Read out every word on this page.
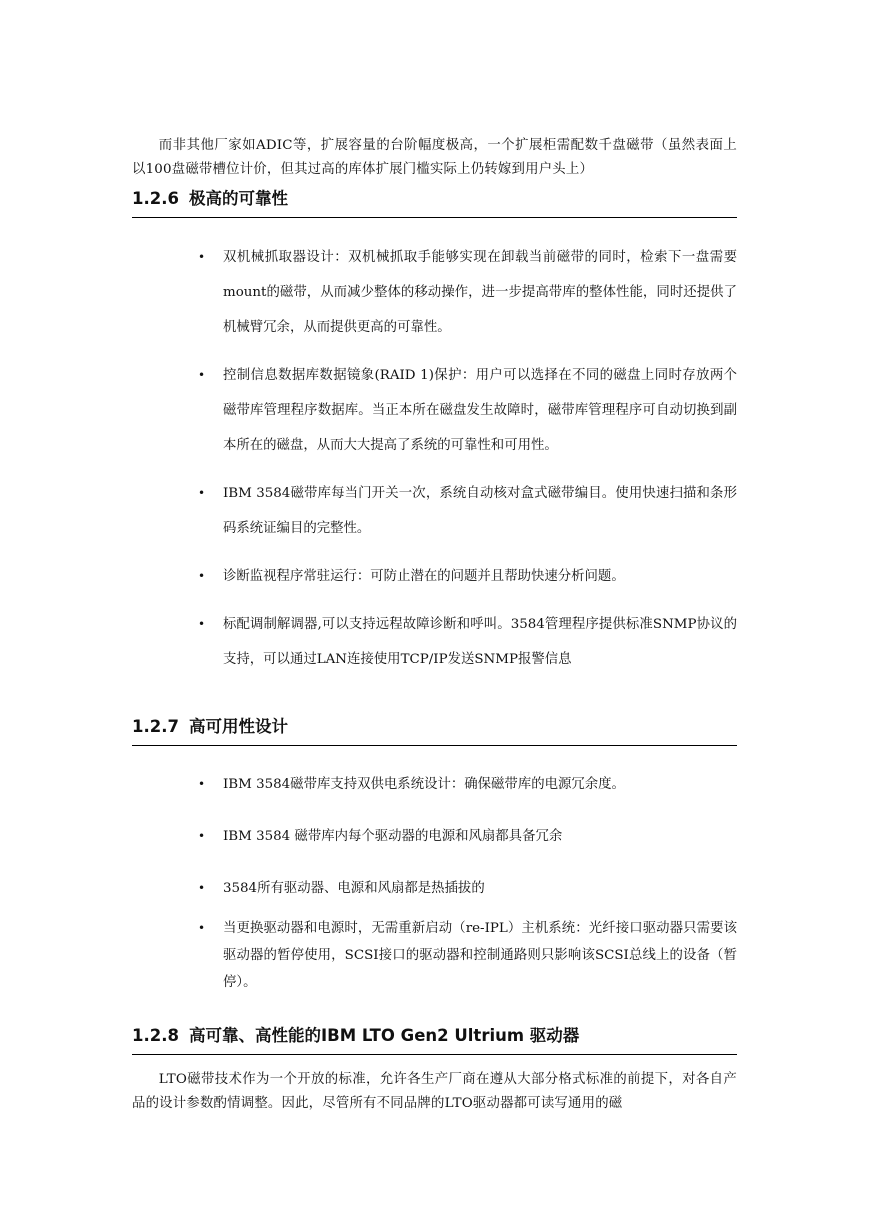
而非其他厂家如ADIC等，扩展容量的台阶幅度极高，一个扩展柜需配数千盘磁带（虽然表面上以100盘磁带槽位计价，但其过高的库体扩展门槛实际上仍转嫁到用户头上）

1.2.6 极高的可靠性
• 双机械抓取器设计：双机械抓取手能够实现在卸载当前磁带的同时，检索下一盘需要mount的磁带，从而减少整体的移动操作，进一步提高带库的整体性能，同时还提供了机械臂冗余，从而提供更高的可靠性。
• 控制信息数据库数据镜象(RAID 1)保护：用户可以选择在不同的磁盘上同时存放两个磁带库管理程序数据库。当正本所在磁盘发生故障时，磁带库管理程序可自动切换到副本所在的磁盘，从而大大提高了系统的可靠性和可用性。
• IBM 3584磁带库每当门开关一次，系统自动核对盒式磁带编目。使用快速扫描和条形码系统证编目的完整性。
• 诊断监视程序常驻运行：可防止潜在的问题并且帮助快速分析问题。
• 标配调制解调器,可以支持远程故障诊断和呼叫。3584管理程序提供标准SNMP协议的支持，可以通过LAN连接使用TCP/IP发送SNMP报警信息
1.2.7 高可用性设计
• IBM 3584磁带库支持双供电系统设计：确保磁带库的电源冗余度。
• IBM 3584 磁带库内每个驱动器的电源和风扇都具备冗余
• 3584所有驱动器、电源和风扇都是热插拔的
• 当更换驱动器和电源时，无需重新启动（re-IPL）主机系统：光纤接口驱动器只需要该驱动器的暂停使用，SCSI接口的驱动器和控制通路则只影响该SCSI总线上的设备（暂停）。
1.2.8 高可靠、高性能的IBM LTO Gen2 Ultrium 驱动器

LTO磁带技术作为一个开放的标准，允许各生产厂商在遵从大部分格式标准的前提下，对各自产品的设计参数酌情调整。因此，尽管所有不同品牌的LTO驱动器都可读写通用的磁
